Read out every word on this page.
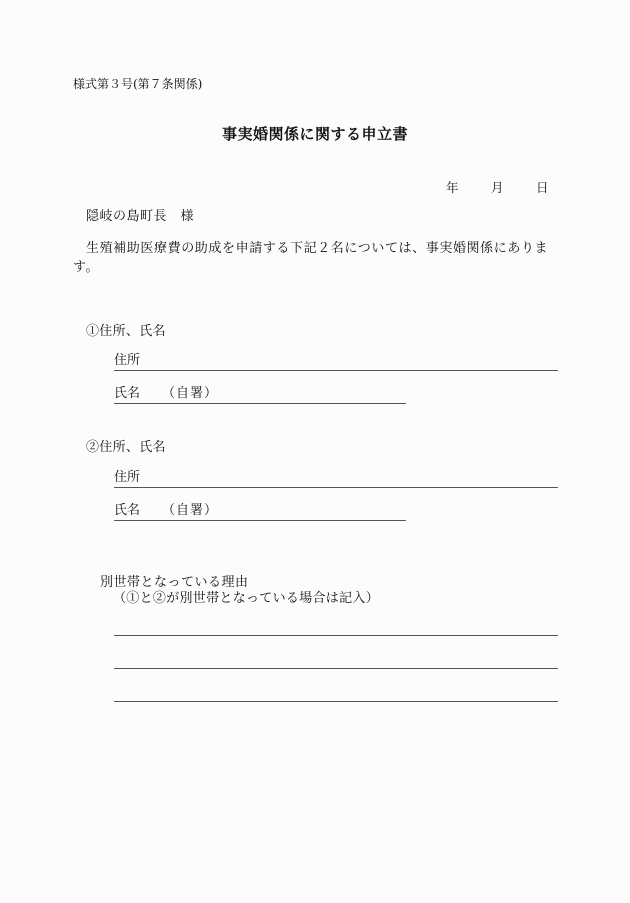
様式第３号(第７条関係)
事実婚関係に関する申立書
年	月	日
隠岐の島町長　様
生殖補助医療費の助成を申請する下記２名については、事実婚関係にあります。
①住所、氏名
住所
氏名 （自署）
②住所、氏名
住所
氏名 （自署）
別世帯となっている理由
（①と②が別世帯となっている場合は記入）
